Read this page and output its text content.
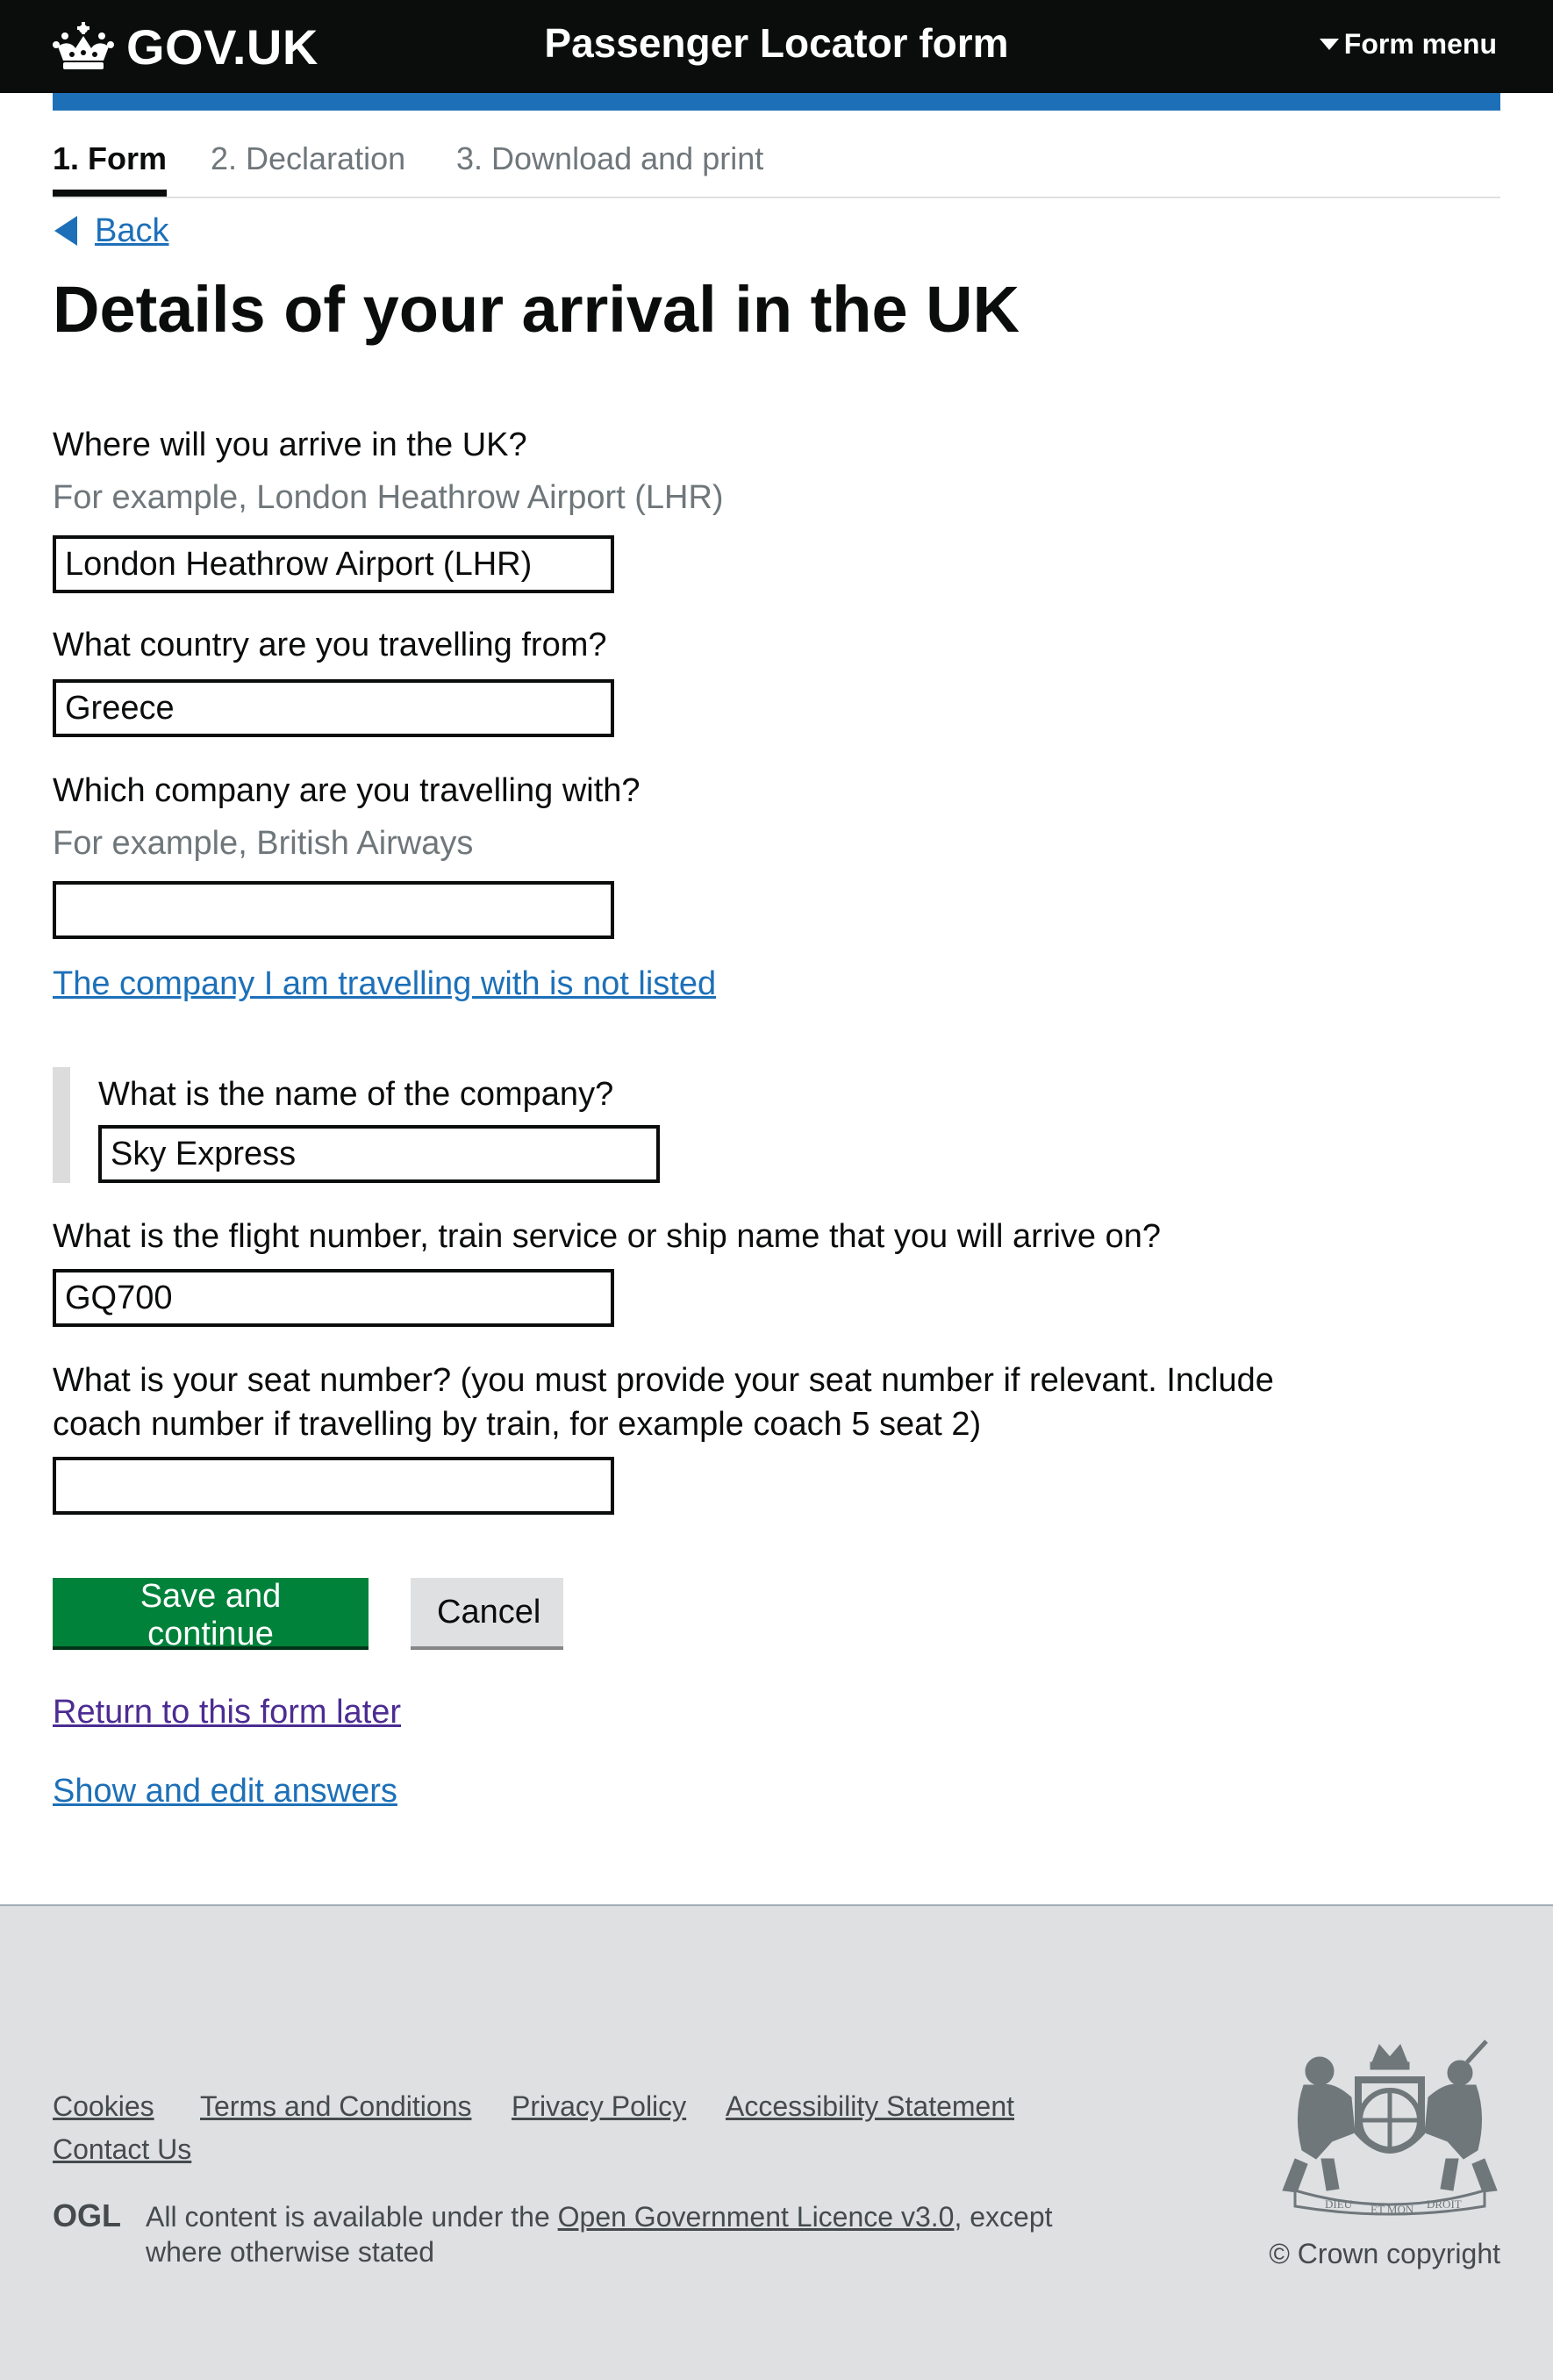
GOV.UK	Passenger Locator form	Form menu
1. Form 2. Declaration 3. Download and print
Back
Details of your arrival in the UK
Where will you arrive in the UK?
For example, London Heathrow Airport (LHR)
London Heathrow Airport (LHR)
What country are you travelling from?
Greece
Which company are you travelling with?
For example, British Airways
The company I am travelling with is not listed
What is the name of the company?
Sky Express
What is the flight number, train service or ship name that you will arrive on?
GQ700
What is your seat number? (you must provide your seat number if relevant. Include
coach number if travelling by train, for example coach 5 seat 2)
Save and continue
Cancel
Return to this form later
Show and edit answers
Cookies Terms and Conditions Privacy Policy Accessibility Statement
Contact Us
OGL All content is available under the Open Government Licence v3.0, except where otherwise stated
DIEU ET MON DROIT
© Crown copyright
